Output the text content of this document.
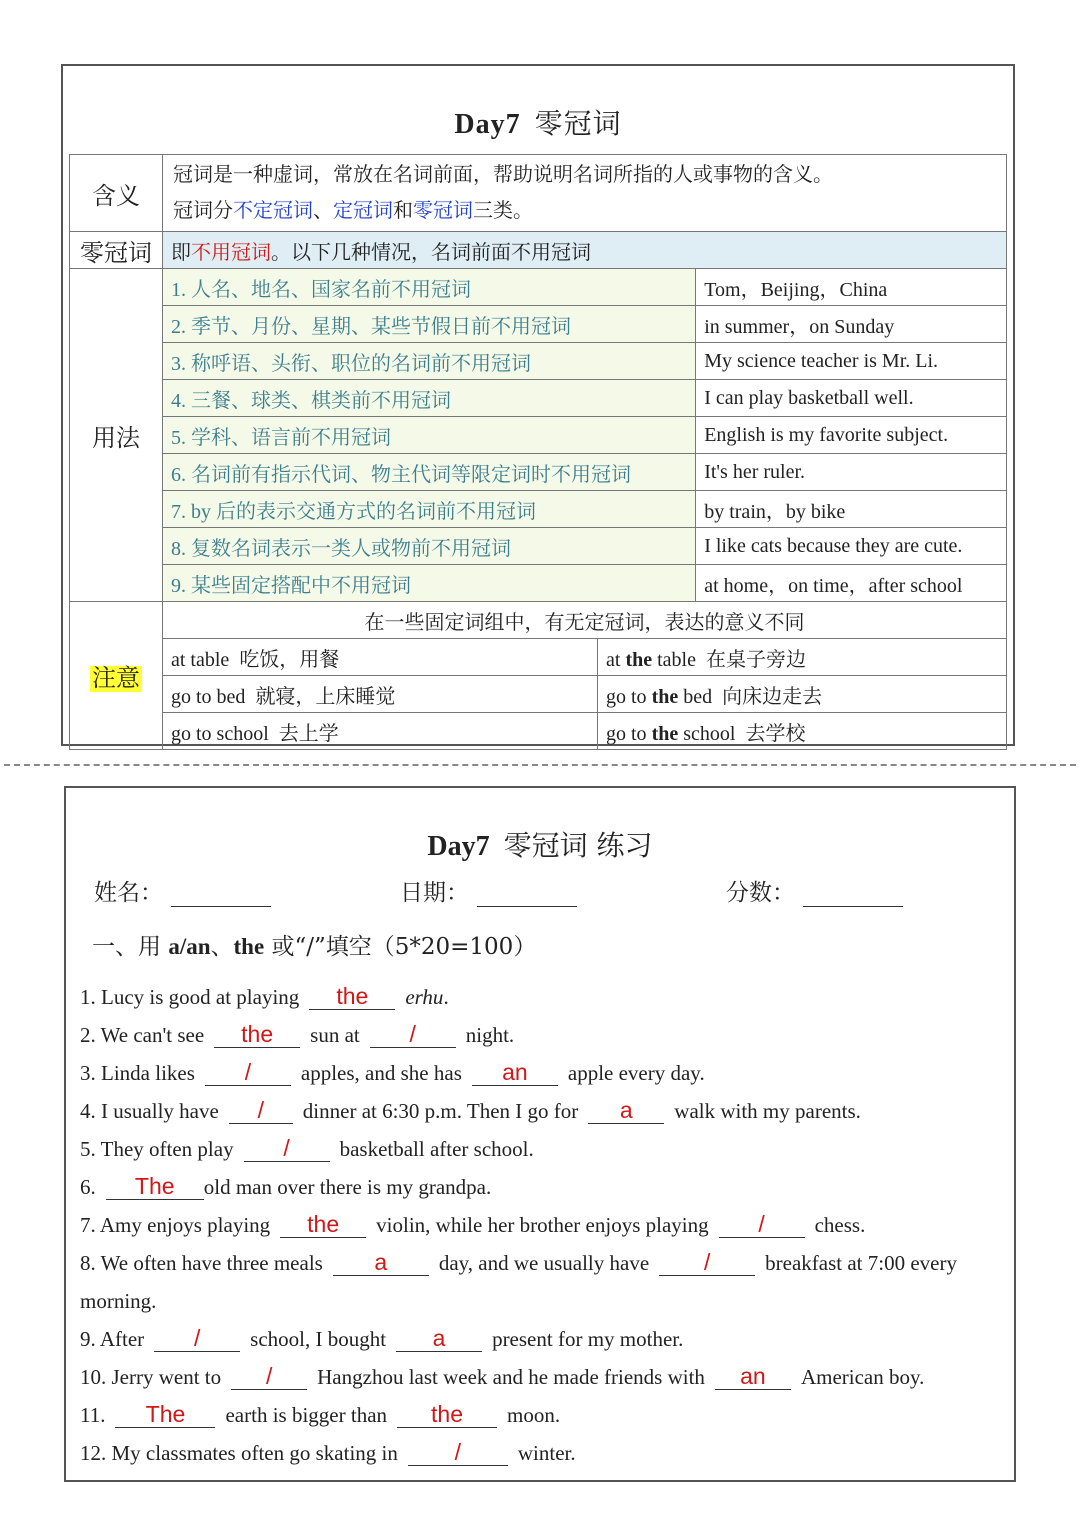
Day7 零冠词
含义	冠词是一种虚词，常放在名词前面，帮助说明名词所指的人或事物的含义。
冠词分不定冠词、定冠词和零冠词三类。		

零冠词	即不用冠词。以下几种情况，名词前面不用冠词		
用法	1. 人名、地名、国家名前不用冠词		Tom，Beijing，China
	2. 季节、月份、星期、某些节假日前不用冠词		in summer，on Sunday
	3. 称呼语、头衔、职位的名词前不用冠词		My science teacher is Mr. Li.
	4. 三餐、球类、棋类前不用冠词		I can play basketball well.
	5. 学科、语言前不用冠词		English is my favorite subject.
	6. 名词前有指示代词、物主代词等限定词时不用冠词		It's her ruler.
	7. by 后的表示交通方式的名词前不用冠词		by train，by bike
	8. 复数名词表示一类人或物前不用冠词		I like cats because they are cute.
	9. 某些固定搭配中不用冠词		at home，on time，after school
注意	在一些固定词组中，有无定冠词，表达的意义不同		
	at table 吃饭，用餐	at the table 在桌子旁边	
	go to bed 就寝，上床睡觉	go to the bed 向床边走去	
	go to school 去上学	go to the school 去学校	
Day7 零冠词 练习
姓名：	日期：	分数：
一、用 a/an、the 或“/”填空（5*20=100）
1. Lucy is good at playing the erhu.
2. We can't see the sun at / night.
3. Linda likes / apples, and she has an apple every day.
4. I usually have / dinner at 6:30 p.m. Then I go for a walk with my parents.
5. They often play / basketball after school.
6. The old man over there is my grandpa.
7. Amy enjoys playing the violin, while her brother enjoys playing / chess.
8. We often have three meals a day, and we usually have /	breakfast at 7:00 every
morning.
9. After / school, I bought a present for my mother.
10. Jerry went to / Hangzhou last week and he made friends with an American boy.
11. The earth is bigger than the moon.
12. My classmates often go skating in /	winter.
